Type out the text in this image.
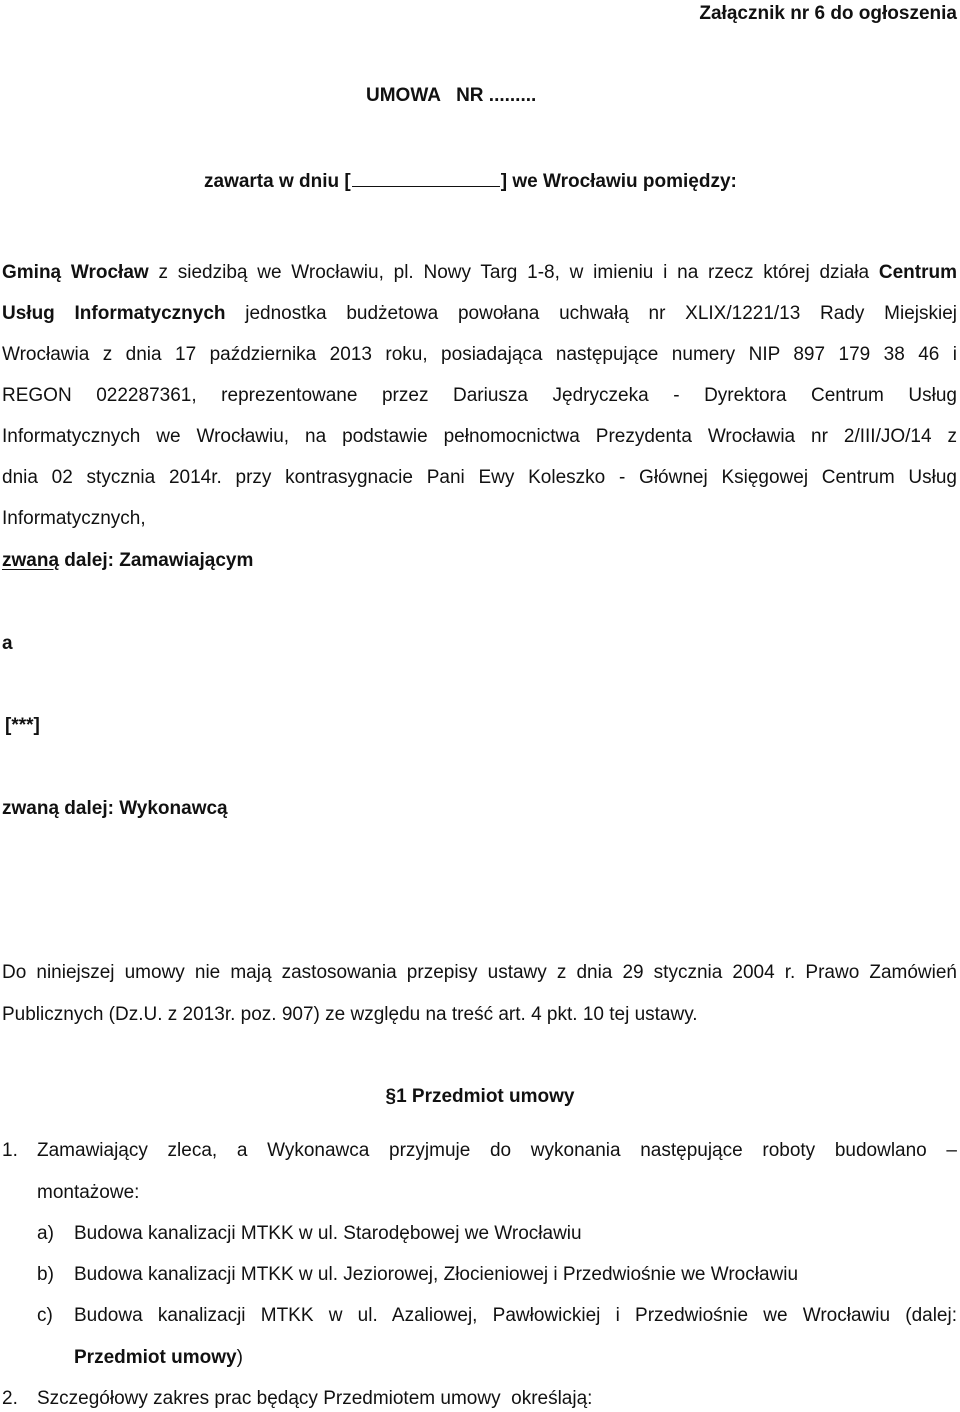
Załącznik nr 6 do ogłoszenia

UMOWA   NR .........

zawarta w dniu [	] we Wrocławiu pomiędzy:

Gminą Wrocław z siedzibą we Wrocławiu, pl. Nowy Targ 1-8, w imieniu i na rzecz której działa Centrum

Usług Informatycznych jednostka budżetowa powołana uchwałą nr XLIX/1221/13 Rady Miejskiej

Wrocławia z dnia 17 października 2013 roku, posiadająca następujące numery NIP 897 179 38 46 i

REGON 022287361, reprezentowane przez Dariusza Jędryczeka - Dyrektora Centrum Usług

Informatycznych we Wrocławiu, na podstawie pełnomocnictwa Prezydenta Wrocławia nr 2/III/JO/14 z

dnia 02 stycznia 2014r. przy kontrasygnacie Pani Ewy Koleszko - Głównej Księgowej Centrum Usług

Informatycznych,

zwaną dalej: Zamawiającym

a

[***]

zwaną dalej: Wykonawcą

Do niniejszej umowy nie mają zastosowania przepisy ustawy z dnia 29 stycznia 2004 r. Prawo Zamówień

Publicznych (Dz.U. z 2013r. poz. 907) ze względu na treść art. 4 pkt. 10 tej ustawy.

§1 Przedmiot umowy

1. Zamawiający zleca, a Wykonawca przyjmuje do wykonania następujące roboty budowlano –

montażowe:

a) Budowa kanalizacji MTKK w ul. Starodębowej we Wrocławiu

b) Budowa kanalizacji MTKK w ul. Jeziorowej, Złocieniowej i Przedwiośnie we Wrocławiu

c) Budowa kanalizacji MTKK w ul. Azaliowej, Pawłowickiej i Przedwiośnie we Wrocławiu (dalej:

Przedmiot umowy)

2. Szczegółowy zakres prac będący Przedmiotem umowy  określają:
